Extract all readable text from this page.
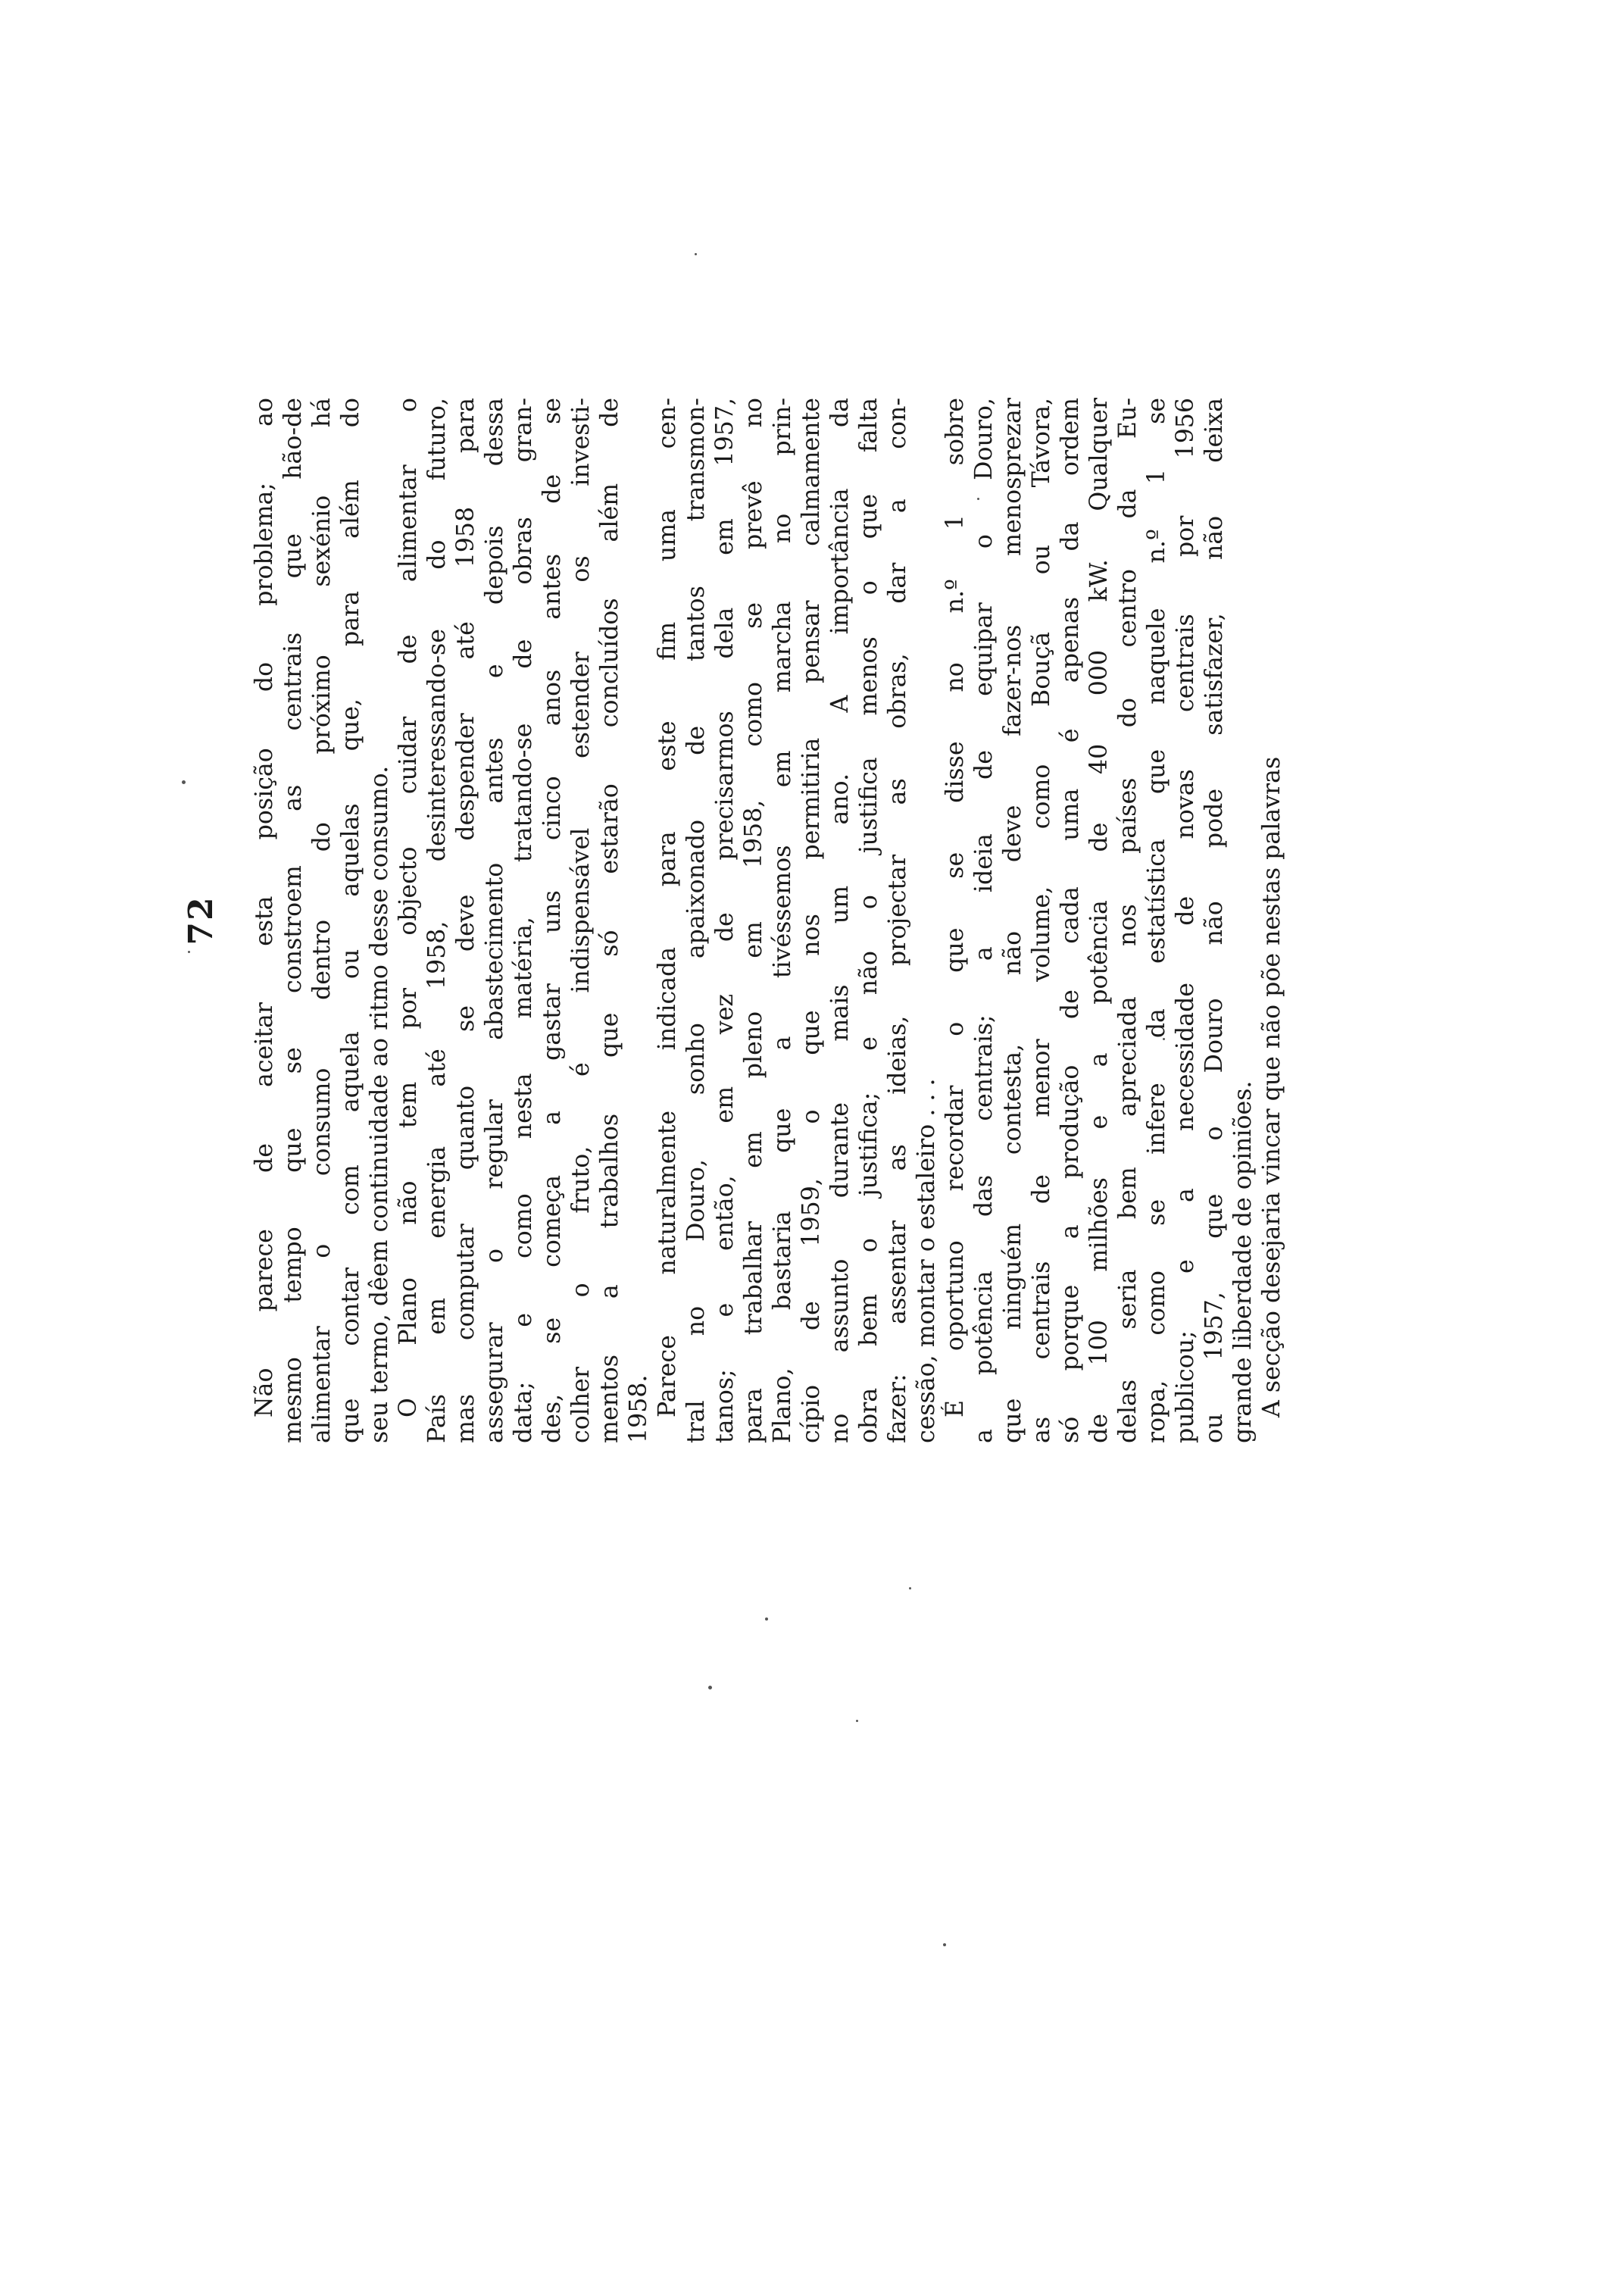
72 Não parece de aceitar esta posição do problema; ao mesmo tempo que se constroem as centrais que hão-de alimentar o consumo dentro do próximo sexénio há que contar com aquela ou aquelas que, para além do seu termo, dêem continuidade ao ritmo desse consumo. O Plano não tem por objecto cuidar de alimentar o País em energia até 1958, desinteressando-se do futuro, mas computar quanto se deve despender até 1958 para assegurar o regular abastecimento antes e depois dessa data; e como nesta matéria, tratando-se de obras gran- des, se começa a gastar uns cinco anos antes de se colher o fruto, é indispensável estender os investi- mentos a trabalhos que só estarão concluídos além de 1958. Parece naturalmente indicada para este fim uma cen- tral no Douro, sonho apaixonado de tantos transmon- tanos; e então, em vez de precisarmos dela em 1957, para trabalhar em pleno em 1958, como se prevê no Plano, bastaria que a tivéssemos em marcha no prin- cípio de 1959, o que nos permitiria pensar calmamente no assunto durante mais um ano. A importância da obra bem o justifica; e não o justifica menos o que falta fazer: assentar as ideias, projectar as obras, dar a con- cessão, montar o estaleiro . . . É oportuno recordar o que se disse no n.º 1 sobre a potência das centrais; a ideia de equipar o Douro, que ninguém contesta, não deve fazer-nos menosprezar as centrais de menor volume, como Bouçã ou Távora, só porque a produção de cada uma é apenas da ordem de 100 milhões e a potência de 40 000 kW. Qualquer delas seria bem apreciada nos países do centro da Eu- ropa, como se infere da estatística que naquele n.º 1 se publicou; e a necessidade de novas centrais por 1956 ou 1957, que o Douro não pode satisfazer, não deixa grande liberdade de opiniões. A secção desejaria vincar que não põe nestas palavras
